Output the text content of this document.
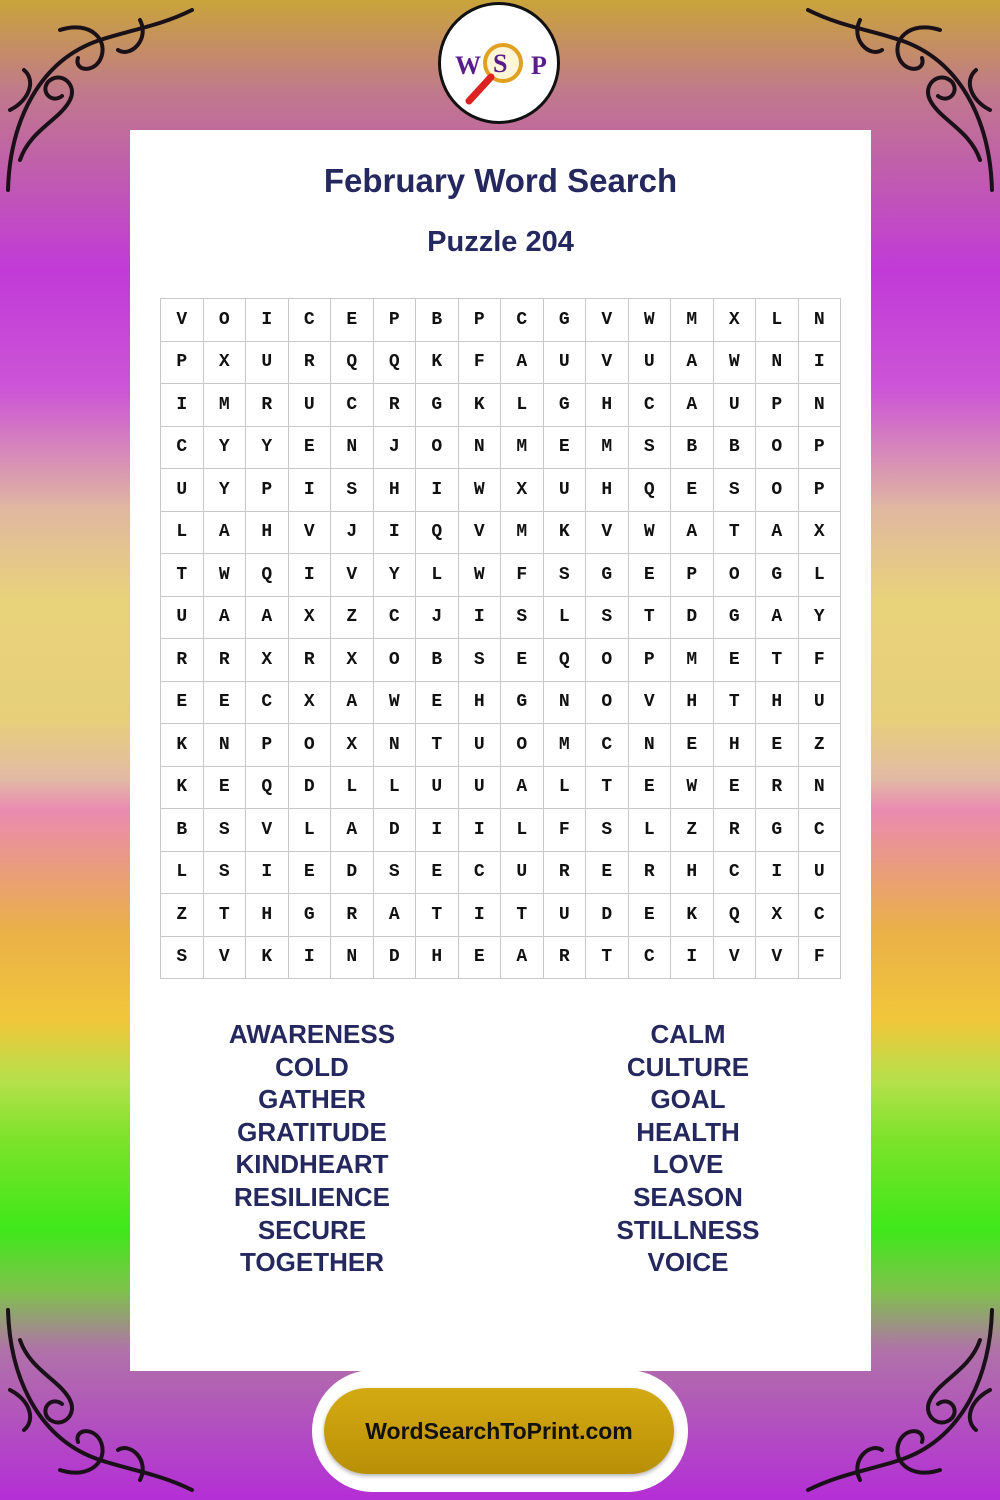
W S P
February Word Search
Puzzle 204
V	O	I	C	E	P	B	P	C	G	V	W	M	X	L	N
P	X	U	R	Q	Q	K	F	A	U	V	U	A	W	N	I
I	M	R	U	C	R	G	K	L	G	H	C	A	U	P	N
C	Y	Y	E	N	J	O	N	M	E	M	S	B	B	O	P
U	Y	P	I	S	H	I	W	X	U	H	Q	E	S	O	P
L	A	H	V	J	I	Q	V	M	K	V	W	A	T	A	X
T	W	Q	I	V	Y	L	W	F	S	G	E	P	O	G	L
U	A	A	X	Z	C	J	I	S	L	S	T	D	G	A	Y
R	R	X	R	X	O	B	S	E	Q	O	P	M	E	T	F
E	E	C	X	A	W	E	H	G	N	O	V	H	T	H	U
K	N	P	O	X	N	T	U	O	M	C	N	E	H	E	Z
K	E	Q	D	L	L	U	U	A	L	T	E	W	E	R	N
B	S	V	L	A	D	I	I	L	F	S	L	Z	R	G	C
L	S	I	E	D	S	E	C	U	R	E	R	H	C	I	U
Z	T	H	G	R	A	T	I	T	U	D	E	K	Q	X	C
S	V	K	I	N	D	H	E	A	R	T	C	I	V	V	F
AWARENESS
COLD
GATHER
GRATITUDE
KINDHEART
RESILIENCE
SECURE
TOGETHER
CALM
CULTURE
GOAL
HEALTH
LOVE
SEASON
STILLNESS
VOICE
WordSearchToPrint.com
